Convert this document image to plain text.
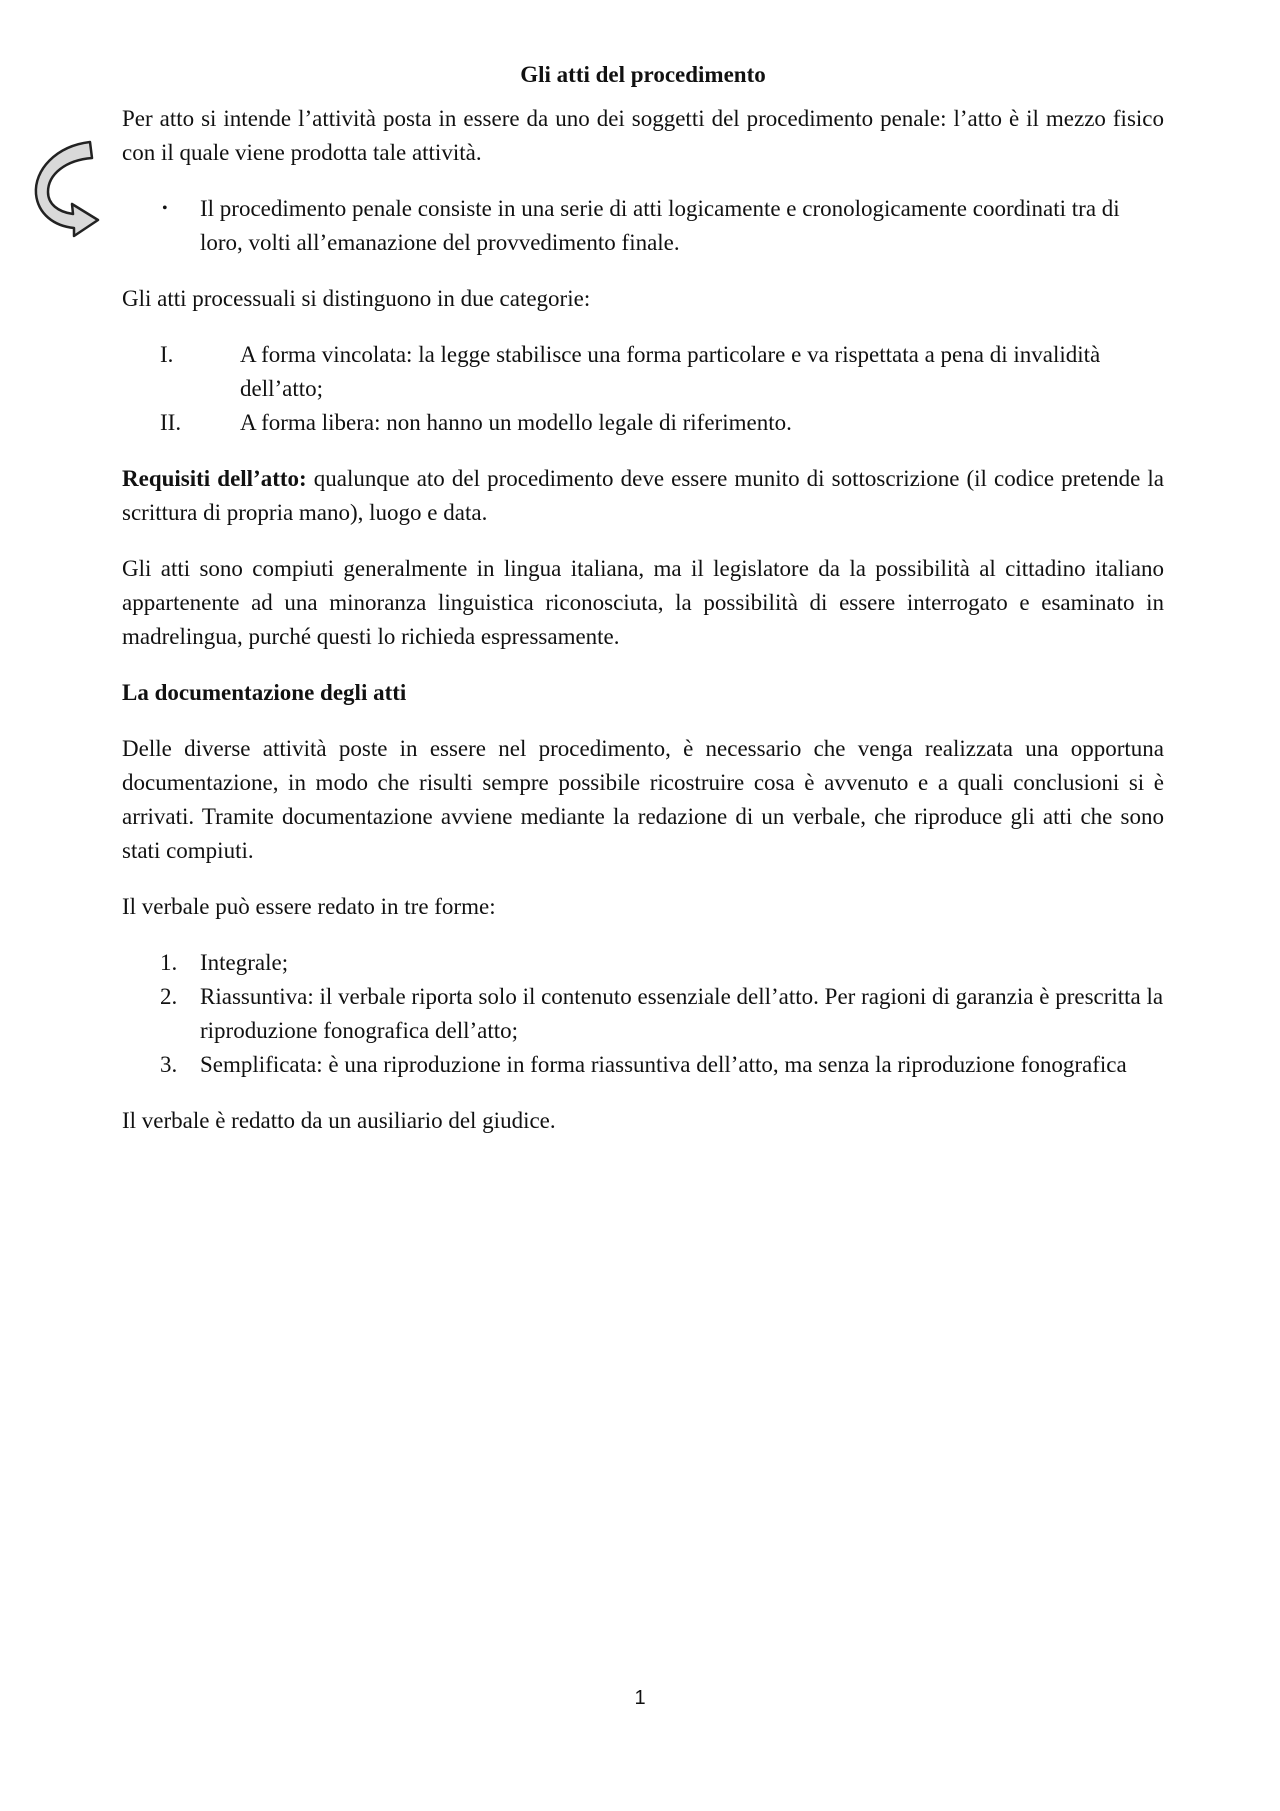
Gli atti del procedimento

Per atto si intende l’attività posta in essere da uno dei soggetti del procedimento penale: l’atto è il mezzo fisico con il quale viene prodotta tale attività.

• Il procedimento penale consiste in una serie di atti logicamente e cronologicamente coordinati tra di loro, volti all’emanazione del provvedimento finale.

Gli atti processuali si distinguono in due categorie:

I.	A forma vincolata: la legge stabilisce una forma particolare e va rispettata a pena di invalidità dell’atto;
II.	A forma libera: non hanno un modello legale di riferimento.

Requisiti dell’atto: qualunque ato del procedimento deve essere munito di sottoscrizione (il codice pretende la scrittura di propria mano), luogo e data.

Gli atti sono compiuti generalmente in lingua italiana, ma il legislatore da la possibilità al cittadino italiano appartenente ad una minoranza linguistica riconosciuta, la possibilità di essere interrogato e esaminato in madrelingua, purché questi lo richieda espressamente.

La documentazione degli atti

Delle diverse attività poste in essere nel procedimento, è necessario che venga realizzata una opportuna documentazione, in modo che risulti sempre possibile ricostruire cosa è avvenuto e a quali conclusioni si è arrivati. Tramite documentazione avviene mediante la redazione di un verbale, che riproduce gli atti che sono stati compiuti.

Il verbale può essere redato in tre forme:

1. Integrale;
2. Riassuntiva: il verbale riporta solo il contenuto essenziale dell’atto. Per ragioni di garanzia è prescritta la riproduzione fonografica dell’atto;
3. Semplificata: è una riproduzione in forma riassuntiva dell’atto, ma senza la riproduzione fonografica

Il verbale è redatto da un ausiliario del giudice.

1
